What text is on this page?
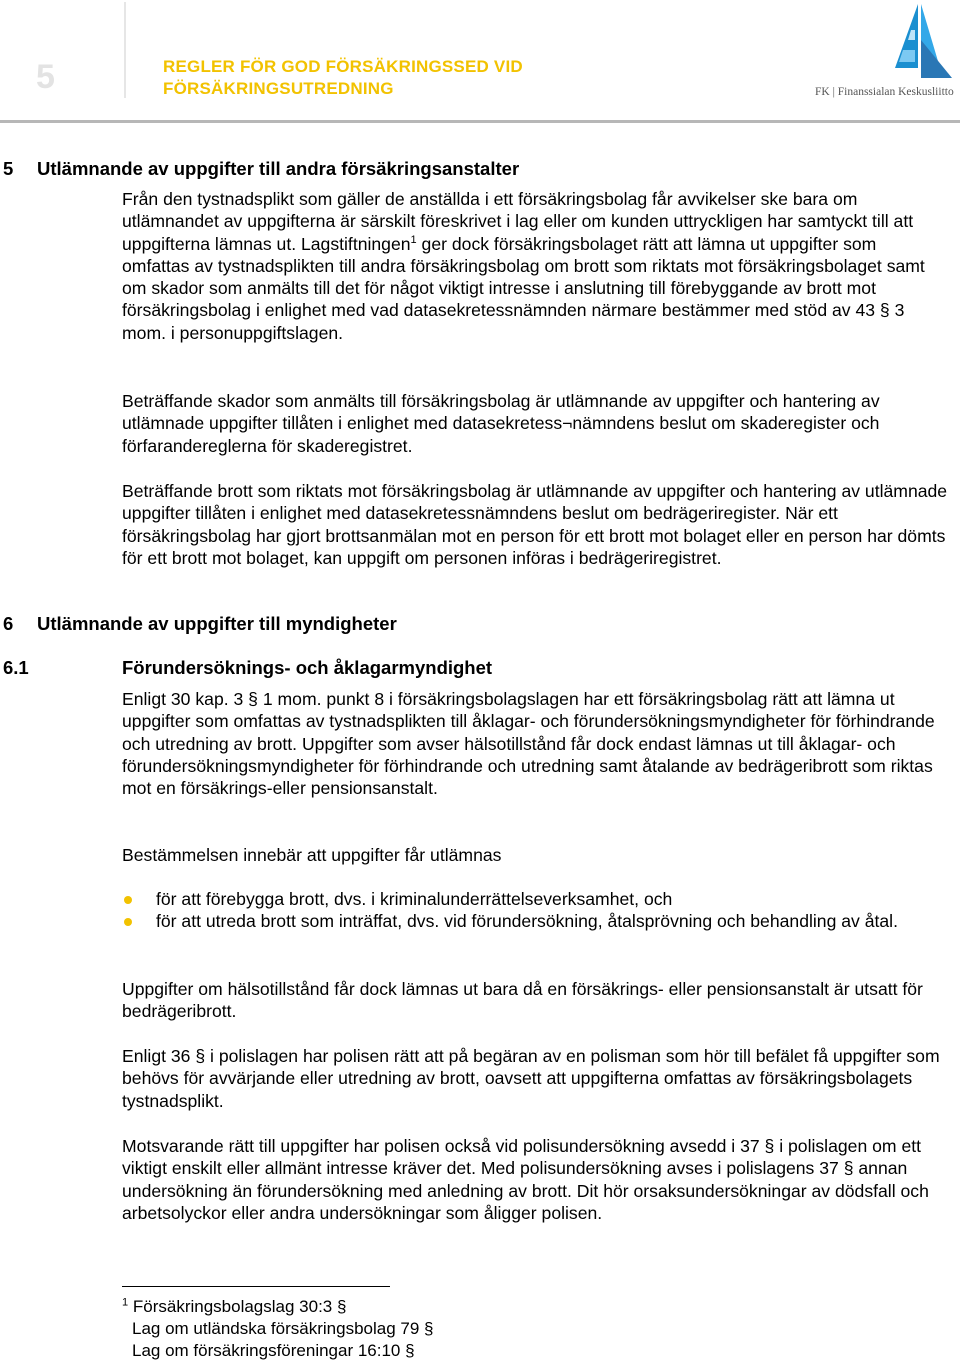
5	REGLER FÖR GOD FÖRSÄKRINGSSED VID
FÖRSÄKRINGSUTREDNING	FK | Finanssialan Keskusliitto
5 Utlämnande av uppgifter till andra försäkringsanstalter

Från den tystnadsplikt som gäller de anställda i ett försäkringsbolag får avvikelser ske bara om utlämnandet av uppgifterna är särskilt föreskrivet i lag eller om kunden uttryckligen har samtyckt till att uppgifterna lämnas ut. Lagstiftningen$^1$ ger dock försäkringsbolaget rätt att lämna ut uppgifter som omfattas av tystnadsplikten till andra försäkringsbolag om brott som riktats mot försäkringsbolaget samt om skador som anmälts till det för något viktigt intresse i anslutning till förebyggande av brott mot försäkringsbolag i enlighet med vad datasekretessnämnden närmare bestämmer med stöd av 43 § 3 mom. i personuppgiftslagen.

Beträffande skador som anmälts till försäkringsbolag är utlämnande av uppgifter och hantering av utlämnade uppgifter tillåten i enlighet med datasekretess¬nämndens beslut om skaderegister och förfarandereglerna för skaderegistret.

Beträffande brott som riktats mot försäkringsbolag är utlämnande av uppgifter och hantering av utlämnade uppgifter tillåten i enlighet med datasekretessnämndens beslut om bedrägeriregister. När ett försäkringsbolag har gjort brottsanmälan mot en person för ett brott mot bolaget eller en person har dömts för ett brott mot bolaget, kan uppgift om personen införas i bedrägeriregistret.

6 Utlämnande av uppgifter till myndigheter
6.1	Förundersöknings- och åklagarmyndighet

Enligt 30 kap. 3 § 1 mom. punkt 8 i försäkringsbolagslagen har ett försäkringsbolag rätt att lämna ut uppgifter som omfattas av tystnadsplikten till åklagar- och förundersökningsmyndigheter för förhindrande och utredning av brott. Uppgifter som avser hälsotillstånd får dock endast lämnas ut till åklagar- och förundersökningsmyndigheter för förhindrande och utredning samt åtalande av bedrägeribrott som riktas mot en försäkrings-eller pensionsanstalt.

Bestämmelsen innebär att uppgifter får utlämnas

för att förebygga brott, dvs. i kriminalunderrättelseverksamhet, och
för att utreda brott som inträffat, dvs. vid förundersökning, åtalsprövning och behandling av åtal.

Uppgifter om hälsotillstånd får dock lämnas ut bara då en försäkrings- eller pensionsanstalt är utsatt för bedrägeribrott.

Enligt 36 § i polislagen har polisen rätt att på begäran av en polisman som hör till befälet få uppgifter som behövs för avvärjande eller utredning av brott, oavsett att uppgifterna omfattas av försäkringsbolagets tystnadsplikt.

Motsvarande rätt till uppgifter har polisen också vid polisundersökning avsedd i 37 § i polislagen om ett viktigt enskilt eller allmänt intresse kräver det. Med polisundersökning avses i polislagens 37 § annan undersökning än förundersökning med anledning av brott. Dit hör orsaksundersökningar av dödsfall och arbetsolyckor eller andra undersökningar som åligger polisen.

$^1$ Försäkringsbolagslag 30:3 §
Lag om utländska försäkringsbolag 79 §
Lag om försäkringsföreningar 16:10 §
